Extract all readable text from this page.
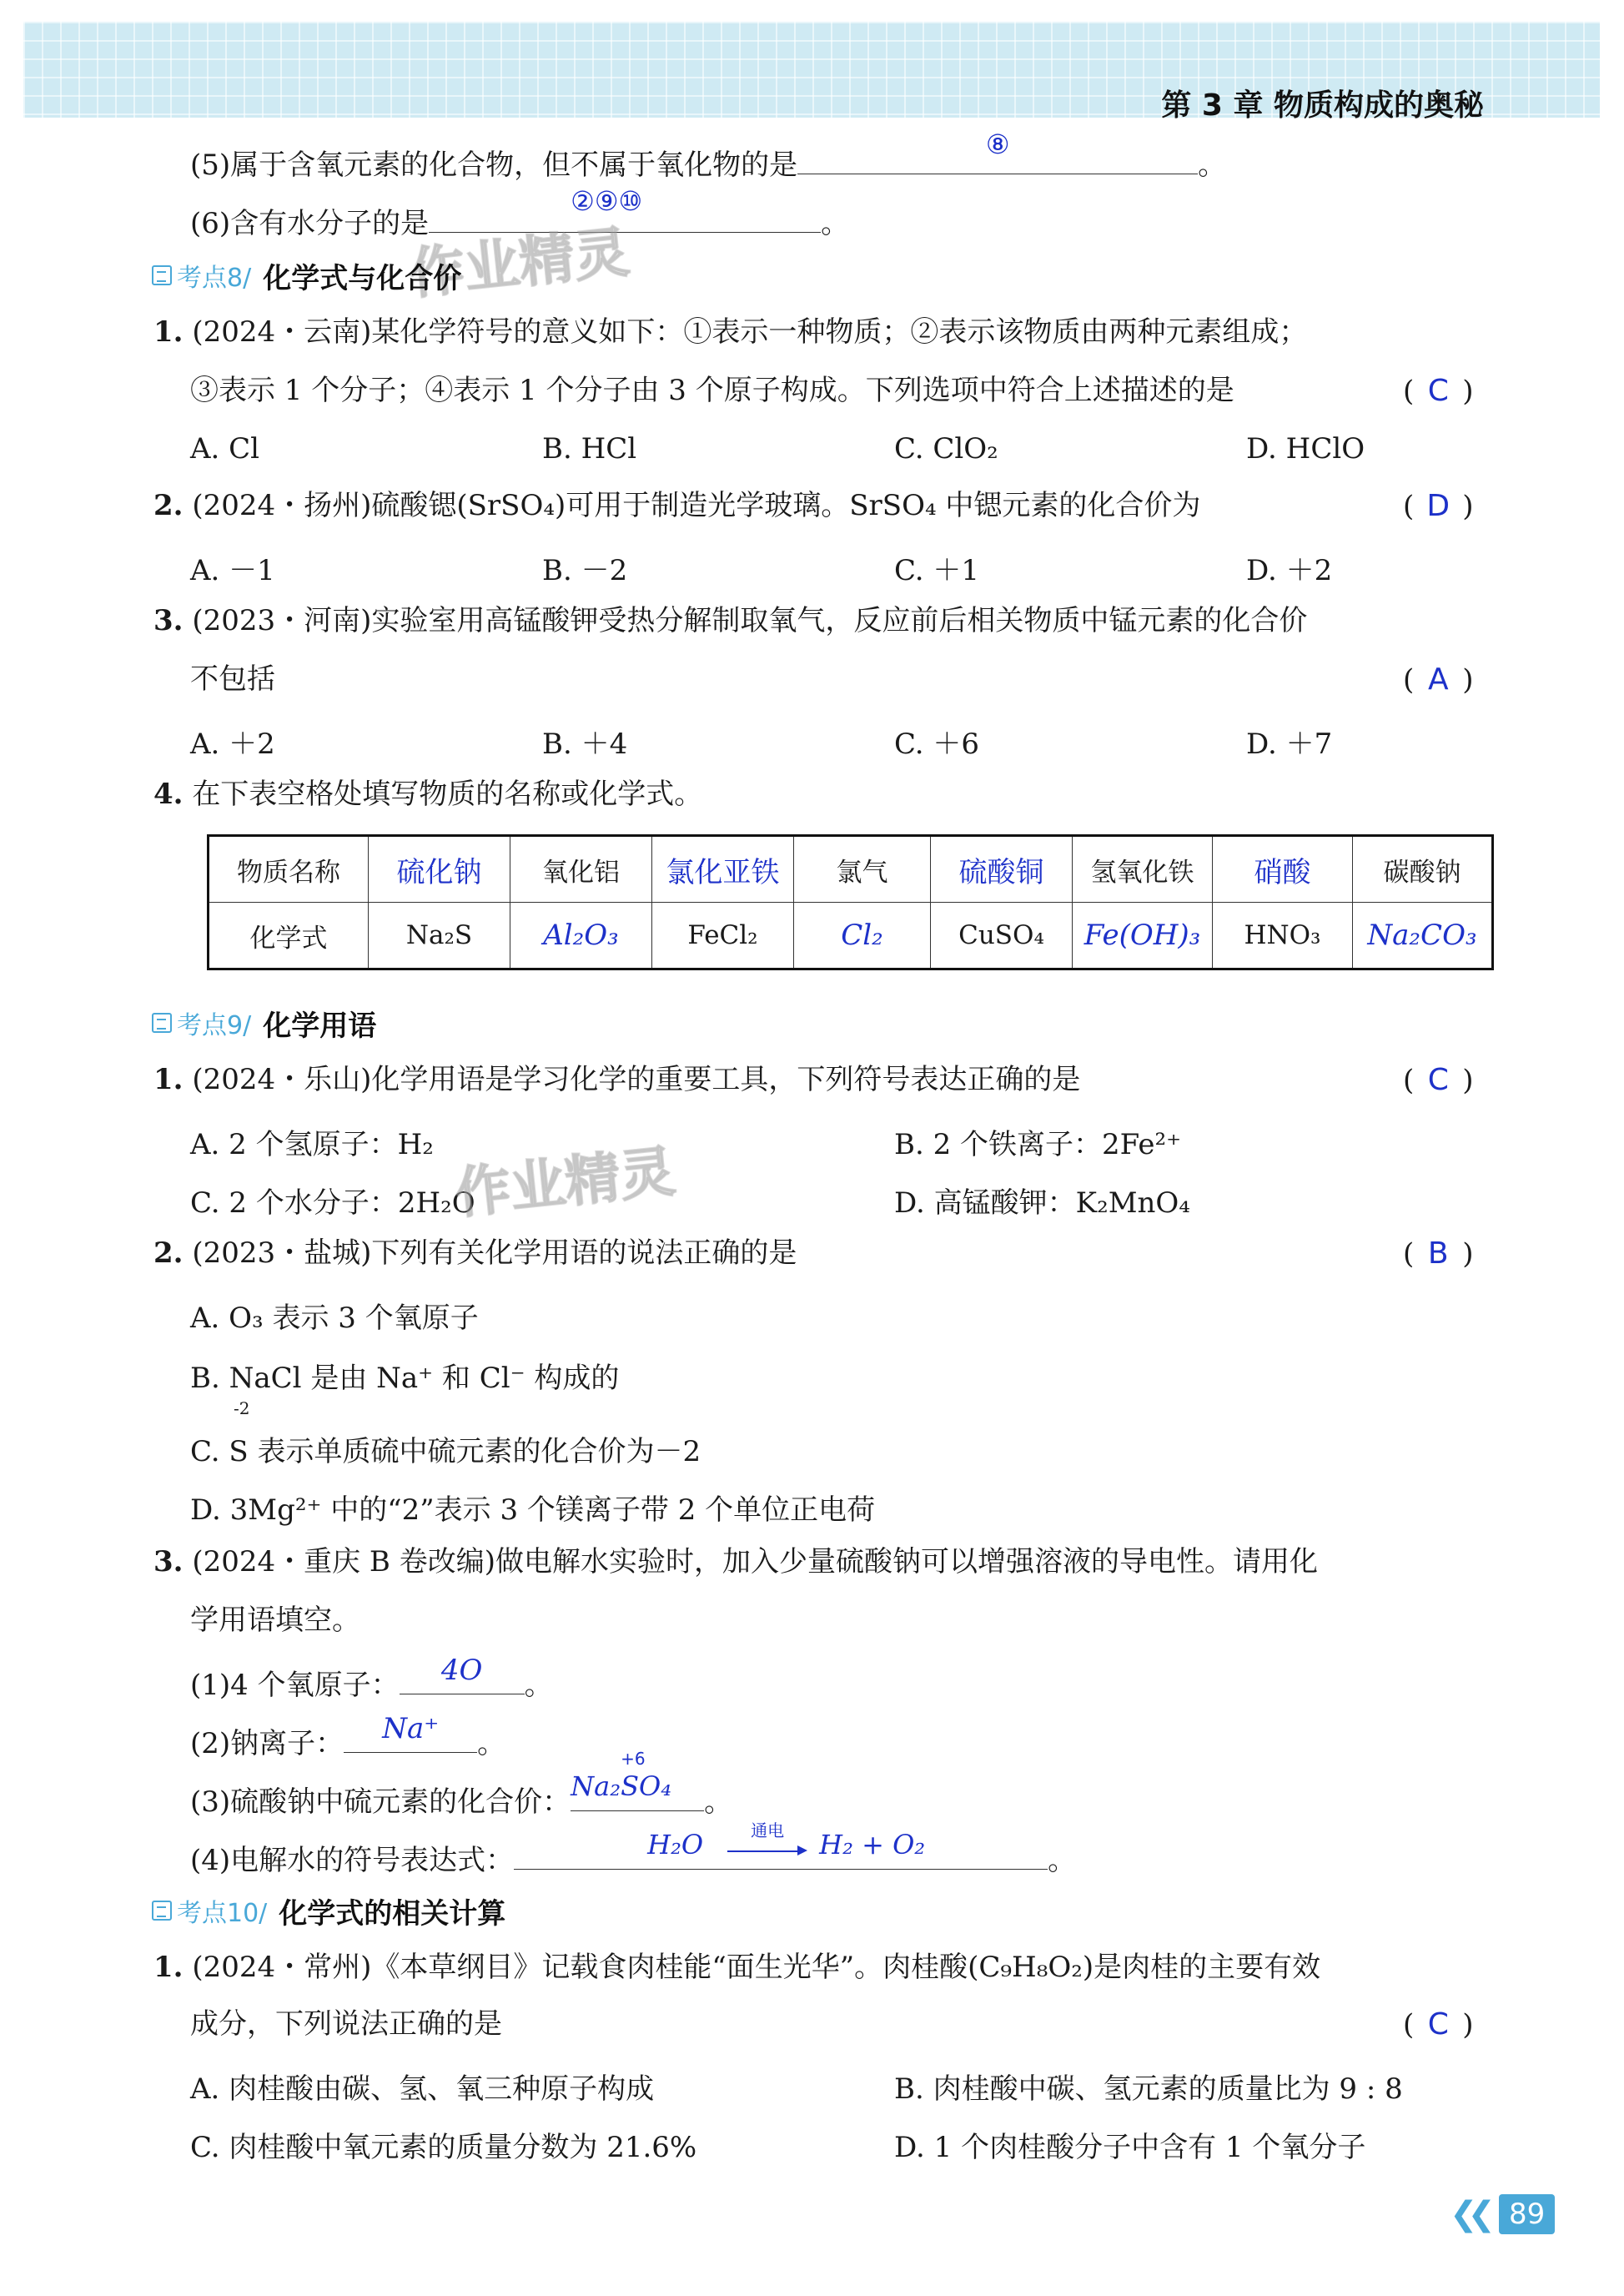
第 3 章 物质构成的奥秘
(5)属于含氧元素的化合物，但不属于氧化物的是
⑧
。
(6)含有水分子的是
②⑨⑩
。
作业精灵
考点8/ 化学式与化合价
1. (2024・云南)某化学符号的意义如下：①表示一种物质；②表示该物质由两种元素组成；
③表示 1 个分子；④表示 1 个分子由 3 个原子构成。下列选项中符合上述描述的是	( C )
A. Cl	B. HCl	C. ClO₂	D. HClO
2. (2024・扬州)硫酸锶(SrSO₄)可用于制造光学玻璃。SrSO₄ 中锶元素的化合价为	( D )
A. －1	B. －2	C. ＋1	D. ＋2
3. (2023・河南)实验室用高锰酸钾受热分解制取氧气，反应前后相关物质中锰元素的化合价
不包括	( A )
A. ＋2	B. ＋4	C. ＋6	D. ＋7
4. 在下表空格处填写物质的名称或化学式。
物质名称	硫化钠	氧化铝	氯化亚铁	氯气	硫酸铜	氢氧化铁	硝酸	碳酸钠
化学式	Na₂S	Al₂O₃	FeCl₂	Cl₂	CuSO₄	Fe(OH)₃	HNO₃	Na₂CO₃
考点9/ 化学用语
1. (2024・乐山)化学用语是学习化学的重要工具，下列符号表达正确的是	( C )
A. 2 个氢原子：H₂	B. 2 个铁离子：2Fe²⁺
C. 2 个水分子：2H₂O	D. 高锰酸钾：K₂MnO₄
作业精灵
2. (2023・盐城)下列有关化学用语的说法正确的是	( B )
A. O₃ 表示 3 个氧原子
B. NaCl 是由 Na⁺ 和 Cl⁻ 构成的
-2
C. S 表示单质硫中硫元素的化合价为－2
D. 3Mg²⁺ 中的“2”表示 3 个镁离子带 2 个单位正电荷
3. (2024・重庆 B 卷改编)做电解水实验时，加入少量硫酸钠可以增强溶液的导电性。请用化
学用语填空。
(1)4 个氧原子：	4O	。
(2)钠离子：	Na⁺	。
(3)硫酸钠中硫元素的化合价： Na₂SO₄
+6
。
(4)电解水的符号表达式：	H₂O	通电	H₂ + O₂	。
考点10/ 化学式的相关计算
1. (2024・常州)《本草纲目》记载食肉桂能“面生光华”。肉桂酸(C₉H₈O₂)是肉桂的主要有效
成分，下列说法正确的是	( C )
A. 肉桂酸由碳、氢、氧三种原子构成	B. 肉桂酸中碳、氢元素的质量比为 9 : 8
C. 肉桂酸中氧元素的质量分数为 21.6%	D. 1 个肉桂酸分子中含有 1 个氧分子
❮❮ 89
